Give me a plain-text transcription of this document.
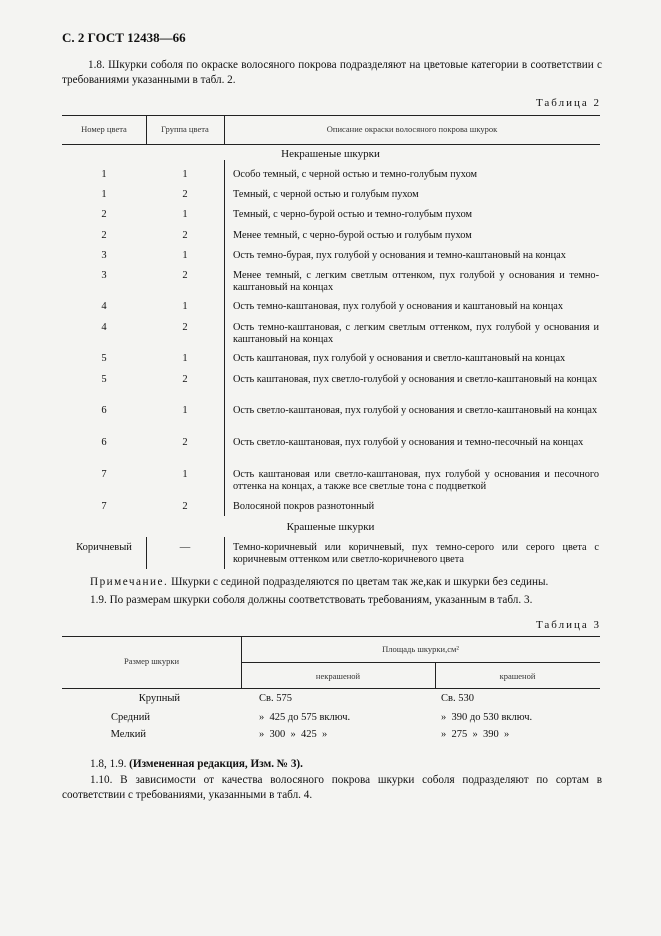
С. 2 ГОСТ 12438—66
1.8. Шкурки соболя по окраске волосяного покрова подразделяют на цветовые категории в соответствии с требованиями указанными в табл. 2.
Таблица 2
Номер цвета	Группа цвета	Описание окраски волосяного покрова шкурок
Некрашеные шкурки
1	1	Особо темный, с черной остью и темно-голубым пухом
1	2	Темный, с черной остью и голубым пухом
2	1	Темный, с черно-бурой остью и темно-голубым пухом
2	2	Менее темный, с черно-бурой остью и голубым пухом
3	1	Ость темно-бурая, пух голубой у основания и темно-каштановый на концах
3	2	Менее темный, с легким светлым оттенком, пух голубой у основания и темно-каштановый на концах
4	1	Ость темно-каштановая, пух голубой у основания и каштановый на концах
4	2	Ость темно-каштановая, с легким светлым оттенком, пух голубой у основания и каштановый на концах
5	1	Ость каштановая, пух голубой у основания и светло-каштановый на концах
5	2	Ость каштановая, пух светло-голубой у основания и светло-каштановый на концах
6	1	Ость светло-каштановая, пух голубой у основания и светло-каштановый на концах
6	2	Ость светло-каштановая, пух голубой у основания и темно-песочный на концах
7	1	Ость каштановая или светло-каштановая, пух голубой у основания и песочного оттенка на концах, а также все светлые тона с подцветкой
7	2	Волосяной покров разнотонный
Крашеные шкурки
Коричневый	—	Темно-коричневый или коричневый, пух темно-серого или серого цвета с коричневым оттенком или светло-коричневого цвета
Примечание. Шкурки с сединой подразделяются по цветам так же,как и шкурки без седины.
1.9. По размерам шкурки соболя должны соответствовать требованиям, указанным в табл. 3.
Таблица 3
Размер шкурки
Площадь шкурки,см²
некрашеной	крашеной
Крупный	Св. 575	Св. 530
Средний	»  425 до 575 включ.	»  390 до 530 включ.
Мелкий	»  300  »  425  »	»  275  »  390  »
1.8, 1.9. (Измененная редакция, Изм. № 3).
1.10. В зависимости от качества волосяного покрова шкурки соболя подразделяют по сортам в соответствии с требованиями, указанными в табл. 4.
